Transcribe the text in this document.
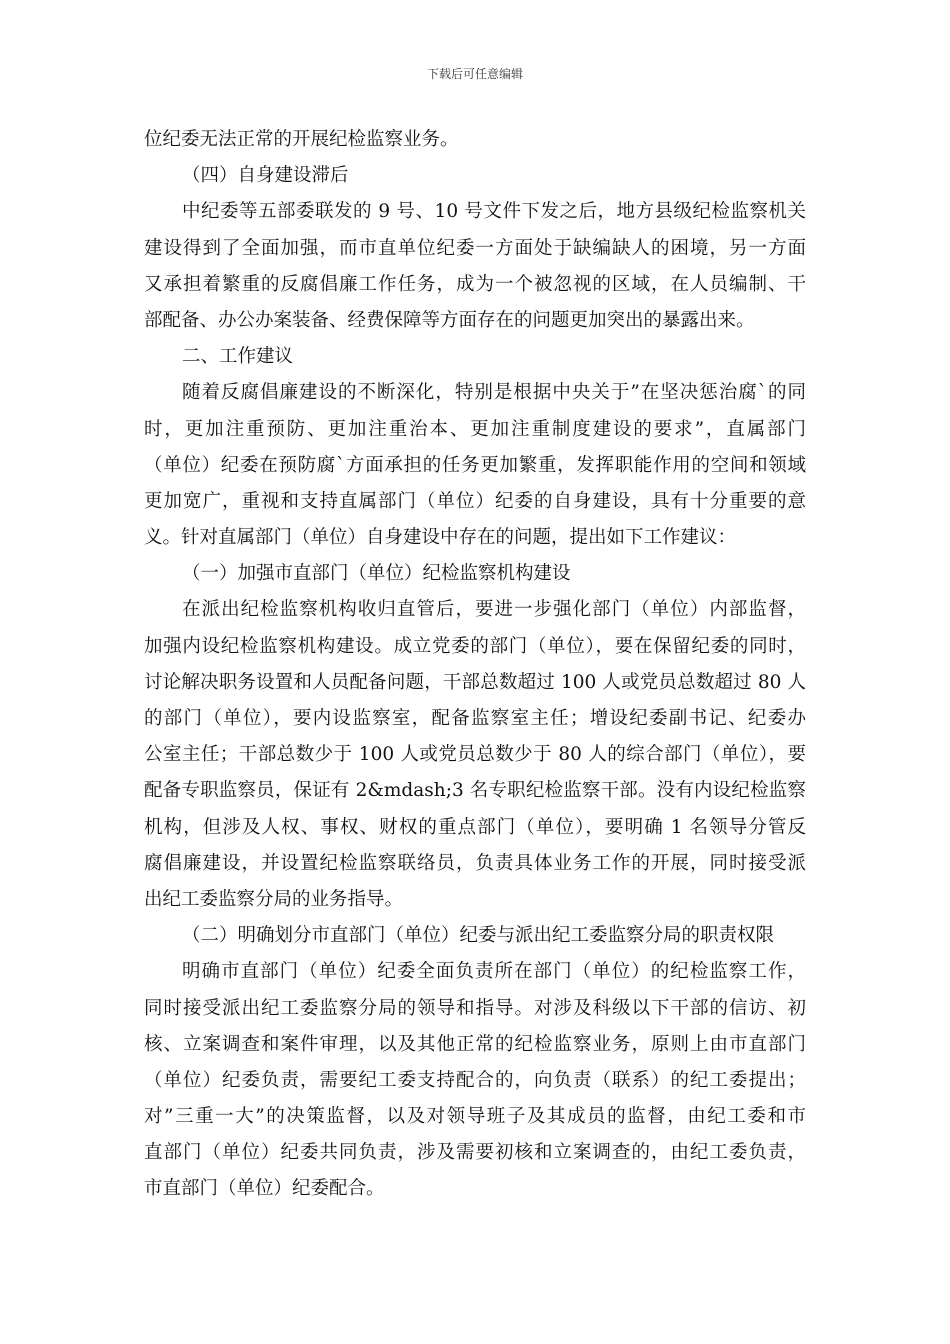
下载后可任意编辑
位纪委无法正常的开展纪检监察业务。
（四）自身建设滞后
中纪委等五部委联发的 9 号、10 号文件下发之后，地方县级纪检监察机关
建设得到了全面加强，而市直单位纪委一方面处于缺编缺人的困境，另一方面
又承担着繁重的反腐倡廉工作任务，成为一个被忽视的区域，在人员编制、干
部配备、办公办案装备、经费保障等方面存在的问题更加突出的暴露出来。
二、工作建议
随着反腐倡廉建设的不断深化，特别是根据中央关于”在坚决惩治腐`的同
时，更加注重预防、更加注重治本、更加注重制度建设的要求”，直属部门
（单位）纪委在预防腐`方面承担的任务更加繁重，发挥职能作用的空间和领域
更加宽广，重视和支持直属部门（单位）纪委的自身建设，具有十分重要的意
义。针对直属部门（单位）自身建设中存在的问题，提出如下工作建议：
（一）加强市直部门（单位）纪检监察机构建设
在派出纪检监察机构收归直管后，要进一步强化部门（单位）内部监督，
加强内设纪检监察机构建设。成立党委的部门（单位），要在保留纪委的同时，
讨论解决职务设置和人员配备问题，干部总数超过 100 人或党员总数超过 80 人
的部门（单位），要内设监察室，配备监察室主任；增设纪委副书记、纪委办
公室主任；干部总数少于 100 人或党员总数少于 80 人的综合部门（单位），要
配备专职监察员，保证有 2&mdash;3 名专职纪检监察干部。没有内设纪检监察
机构，但涉及人权、事权、财权的重点部门（单位），要明确 1 名领导分管反
腐倡廉建设，并设置纪检监察联络员，负责具体业务工作的开展，同时接受派
出纪工委监察分局的业务指导。
（二）明确划分市直部门（单位）纪委与派出纪工委监察分局的职责权限
明确市直部门（单位）纪委全面负责所在部门（单位）的纪检监察工作，
同时接受派出纪工委监察分局的领导和指导。对涉及科级以下干部的信访、初
核、立案调查和案件审理，以及其他正常的纪检监察业务，原则上由市直部门
（单位）纪委负责，需要纪工委支持配合的，向负责（联系）的纪工委提出；
对”三重一大”的决策监督，以及对领导班子及其成员的监督，由纪工委和市
直部门（单位）纪委共同负责，涉及需要初核和立案调查的，由纪工委负责，
市直部门（单位）纪委配合。
